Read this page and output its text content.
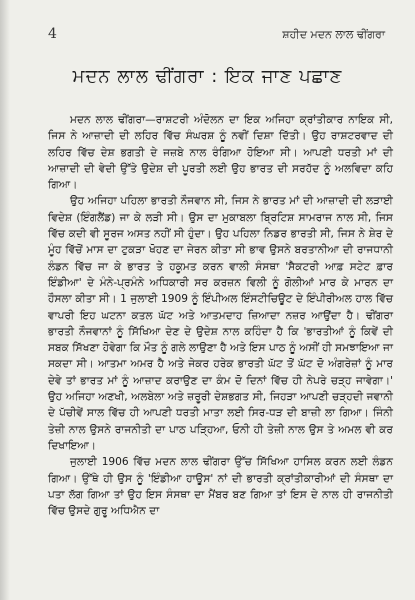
4	ਸ਼ਹੀਦ ਮਦਨ ਲਾਲ ਢੀਂਗਰਾ
ਮਦਨ ਲਾਲ ਢੀਂਗਰਾ : ਇਕ ਜਾਣ ਪਛਾਣ

ਮਦਨ ਲਾਲ ਢੀਂਗਰਾ—ਰਾਸ਼ਟਰੀ ਅੰਦੋਲਨ ਦਾ ਇਕ ਅਜਿਹਾ ਕ੍ਰਾਂਤੀਕਾਰ ਨਾਇਕ ਸੀ, ਜਿਸ ਨੇ ਆਜ਼ਾਦੀ ਦੀ ਲਹਿਰ ਵਿੱਚ ਸੰਘਰਸ਼ ਨੂੰ ਨਵੀਂ ਦਿਸ਼ਾ ਦਿੱਤੀ। ਉਹ ਰਾਸ਼ਟਰਵਾਦ ਦੀ ਲਹਿਰ ਵਿੱਚ ਦੇਸ਼ ਭਗਤੀ ਦੇ ਜਜ਼ਬੇ ਨਾਲ ਰੰਗਿਆ ਹੋਇਆ ਸੀ। ਆਪਣੀ ਧਰਤੀ ਮਾਂ ਦੀ ਆਜ਼ਾਦੀ ਦੀ ਵੇਦੀ ਉੱਤੇ ਉਦੇਸ਼ ਦੀ ਪੂਰਤੀ ਲਈ ਉਹ ਭਾਰਤ ਦੀ ਸਰਹੱਦ ਨੂੰ ਅਲਵਿਦਾ ਕਹਿ ਗਿਆ।

ਉਹ ਅਜਿਹਾ ਪਹਿਲਾ ਭਾਰਤੀ ਨੌਜਵਾਨ ਸੀ, ਜਿਸ ਨੇ ਭਾਰਤ ਮਾਂ ਦੀ ਆਜ਼ਾਦੀ ਦੀ ਲੜਾਈ ਵਿਦੇਸ਼ (ਇੰਗਲੈਂਡ) ਜਾ ਕੇ ਲੜੀ ਸੀ। ਉਸ ਦਾ ਮੁਕਾਬਲਾ ਬ੍ਰਿਟਿਸ਼ ਸਾਮਰਾਜ ਨਾਲ ਸੀ, ਜਿਸ ਵਿੱਚ ਕਦੀ ਵੀ ਸੂਰਜ ਅਸਤ ਨਹੀਂ ਸੀ ਹੁੰਦਾ। ਉਹ ਪਹਿਲਾ ਨਿਡਰ ਭਾਰਤੀ ਸੀ, ਜਿਸ ਨੇ ਸ਼ੇਰ ਦੇ ਮੂੰਹ ਵਿੱਚੋਂ ਮਾਸ ਦਾ ਟੁਕੜਾ ਖੋਹਣ ਦਾ ਜੇਰਨ ਕੀਤਾ ਸੀ ਭਾਵ ਉਸਨੇ ਬਰਤਾਨੀਆ ਦੀ ਰਾਜਧਾਨੀ ਲੰਡਨ ਵਿੱਚ ਜਾ ਕੇ ਭਾਰਤ ਤੇ ਹਕੂਮਤ ਕਰਨ ਵਾਲੀ ਸੰਸਥਾ 'ਸੈਕਟਰੀ ਆਫ਼ ਸਟੇਟ ਫ਼ਾਰ ਇੰਡੀਆ' ਦੇ ਮੰਨੇ-ਪ੍ਰਮੰਨੇ ਅਧਿਕਾਰੀ ਸਰ ਕਰਜ਼ਨ ਵਿਲੀ ਨੂੰ ਗੋਲੀਆਂ ਮਾਰ ਕੇ ਮਾਰਨ ਦਾ ਹੌਸਲਾ ਕੀਤਾ ਸੀ। 1 ਜੁਲਾਈ 1909 ਨੂੰ ਇੰਪੀਅਲ ਇੰਸਟੀਚਿਊਟ ਦੇ ਇੰਪੀਰੀਅਲ ਹਾਲ ਵਿੱਚ ਵਾਪਰੀ ਇਹ ਘਟਨਾ ਕਤਲ ਘੱਟ ਅਤੇ ਆਤਮਦਾਹ ਜ਼ਿਆਦਾ ਨਜ਼ਰ ਆਉਂਦਾ ਹੈ। ਢੀਂਗਰਾ ਭਾਰਤੀ ਨੌਜਵਾਨਾਂ ਨੂੰ ਸਿੱਖਿਆ ਦੇਣ ਦੇ ਉਦੇਸ਼ ਨਾਲ ਕਹਿੰਦਾ ਹੈ ਕਿ 'ਭਾਰਤੀਆਂ ਨੂੰ ਕਿਵੇਂ ਦੀ ਸਬਕ ਸਿੱਖਣਾ ਹੋਵੇਗਾ ਕਿ ਮੌਤ ਨੂੰ ਗਲੇ ਲਾਉਣਾ ਹੈ ਅਤੇ ਇਸ ਪਾਠ ਨੂੰ ਅਸੀਂ ਹੀ ਸਮਝਾਇਆ ਜਾ ਸਕਦਾ ਸੀ। ਆਤਮਾ ਅਮਰ ਹੈ ਅਤੇ ਜੇਕਰ ਹਰੇਕ ਭਾਰਤੀ ਘੱਟ ਤੋਂ ਘੱਟ ਦੋ ਅੰਗਰੇਜ਼ਾਂ ਨੂੰ ਮਾਰ ਦੇਵੇ ਤਾਂ ਭਾਰਤ ਮਾਂ ਨੂੰ ਆਜ਼ਾਦ ਕਰਾਉਣ ਦਾ ਕੰਮ ਦੋ ਦਿਨਾਂ ਵਿੱਚ ਹੀ ਨੇਪਰੇ ਚੜ੍ਹ ਜਾਵੇਗਾ।' ਉਹ ਅਜਿਹਾ ਅਣਖੀ, ਅਲਬੇਲਾ ਅਤੇ ਜ਼ਰੂਰੀ ਦੇਸ਼ਭਗਤ ਸੀ, ਜਿਹੜਾ ਆਪਣੀ ਚੜ੍ਹਦੀ ਜਵਾਨੀ ਦੇ ਪੱਚੀਵੇਂ ਸਾਲ ਵਿੱਚ ਹੀ ਆਪਣੀ ਧਰਤੀ ਮਾਤਾ ਲਈ ਸਿਰ-ਧੜ ਦੀ ਬਾਜ਼ੀ ਲਾ ਗਿਆ। ਜਿੰਨੀ ਤੇਜ਼ੀ ਨਾਲ ਉਸਨੇ ਰਾਜਨੀਤੀ ਦਾ ਪਾਠ ਪੜ੍ਹਿਆ, ਓਨੀ ਹੀ ਤੇਜ਼ੀ ਨਾਲ ਉਸ ਤੇ ਅਮਲ ਵੀ ਕਰ ਦਿਖਾਇਆ।

ਜੁਲਾਈ 1906 ਵਿੱਚ ਮਦਨ ਲਾਲ ਢੀਂਗਰਾ ਉੱਚ ਸਿੱਖਿਆ ਹਾਸਿਲ ਕਰਨ ਲਈ ਲੰਡਨ ਗਿਆ। ਉੱਥੇ ਹੀ ਉਸ ਨੂੰ 'ਇੰਡੀਆ ਹਾਊਸ' ਨਾਂ ਦੀ ਭਾਰਤੀ ਕ੍ਰਾਂਤੀਕਾਰੀਆਂ ਦੀ ਸੰਸਥਾ ਦਾ ਪਤਾ ਲੱਗ ਗਿਆ ਤਾਂ ਉਹ ਇਸ ਸੰਸਥਾ ਦਾ ਮੈਂਬਰ ਬਣ ਗਿਆ ਤਾਂ ਇਸ ਦੇ ਨਾਲ ਹੀ ਰਾਜਨੀਤੀ ਵਿੱਚ ਉਸਦੇ ਗੁਰੂ ਅਧਿਐਨ ਦਾ
